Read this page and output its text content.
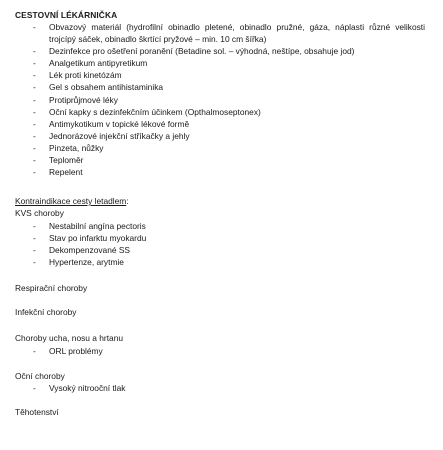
CESTOVNÍ LÉKÁRNIČKA
- Obvazový materiál (hydrofilní obinadlo pletené, obinadlo pružné, gáza, náplasti různé velikosti trojcípý sáček, obinadlo škrtící pryžové – min. 10 cm šířka)
- Dezinfekce pro ošetření poranění (Betadine sol. – výhodná, neštípe, obsahuje jod)
- Analgetikum antipyretikum
- Lék proti kinetózám
- Gel s obsahem antihistaminika
- Protiprůjmové léky
- Oční kapky s dezinfekčním účinkem (Opthalmoseptonex)
- Antimykotikum v topické lékové formě
- Jednorázové injekční stříkačky a jehly
- Pinzeta, nůžky
- Teploměr
- Repelent
Kontraindikace cesty letadlem:
KVS choroby
- Nestabilní angína pectoris
- Stav po infarktu myokardu
- Dekompenzované SS
- Hypertenze, arytmie
Respirační choroby
Infekční choroby
Choroby ucha, nosu a hrtanu
- ORL problémy
Oční choroby
- Vysoký nitrooční tlak
Těhotenství
